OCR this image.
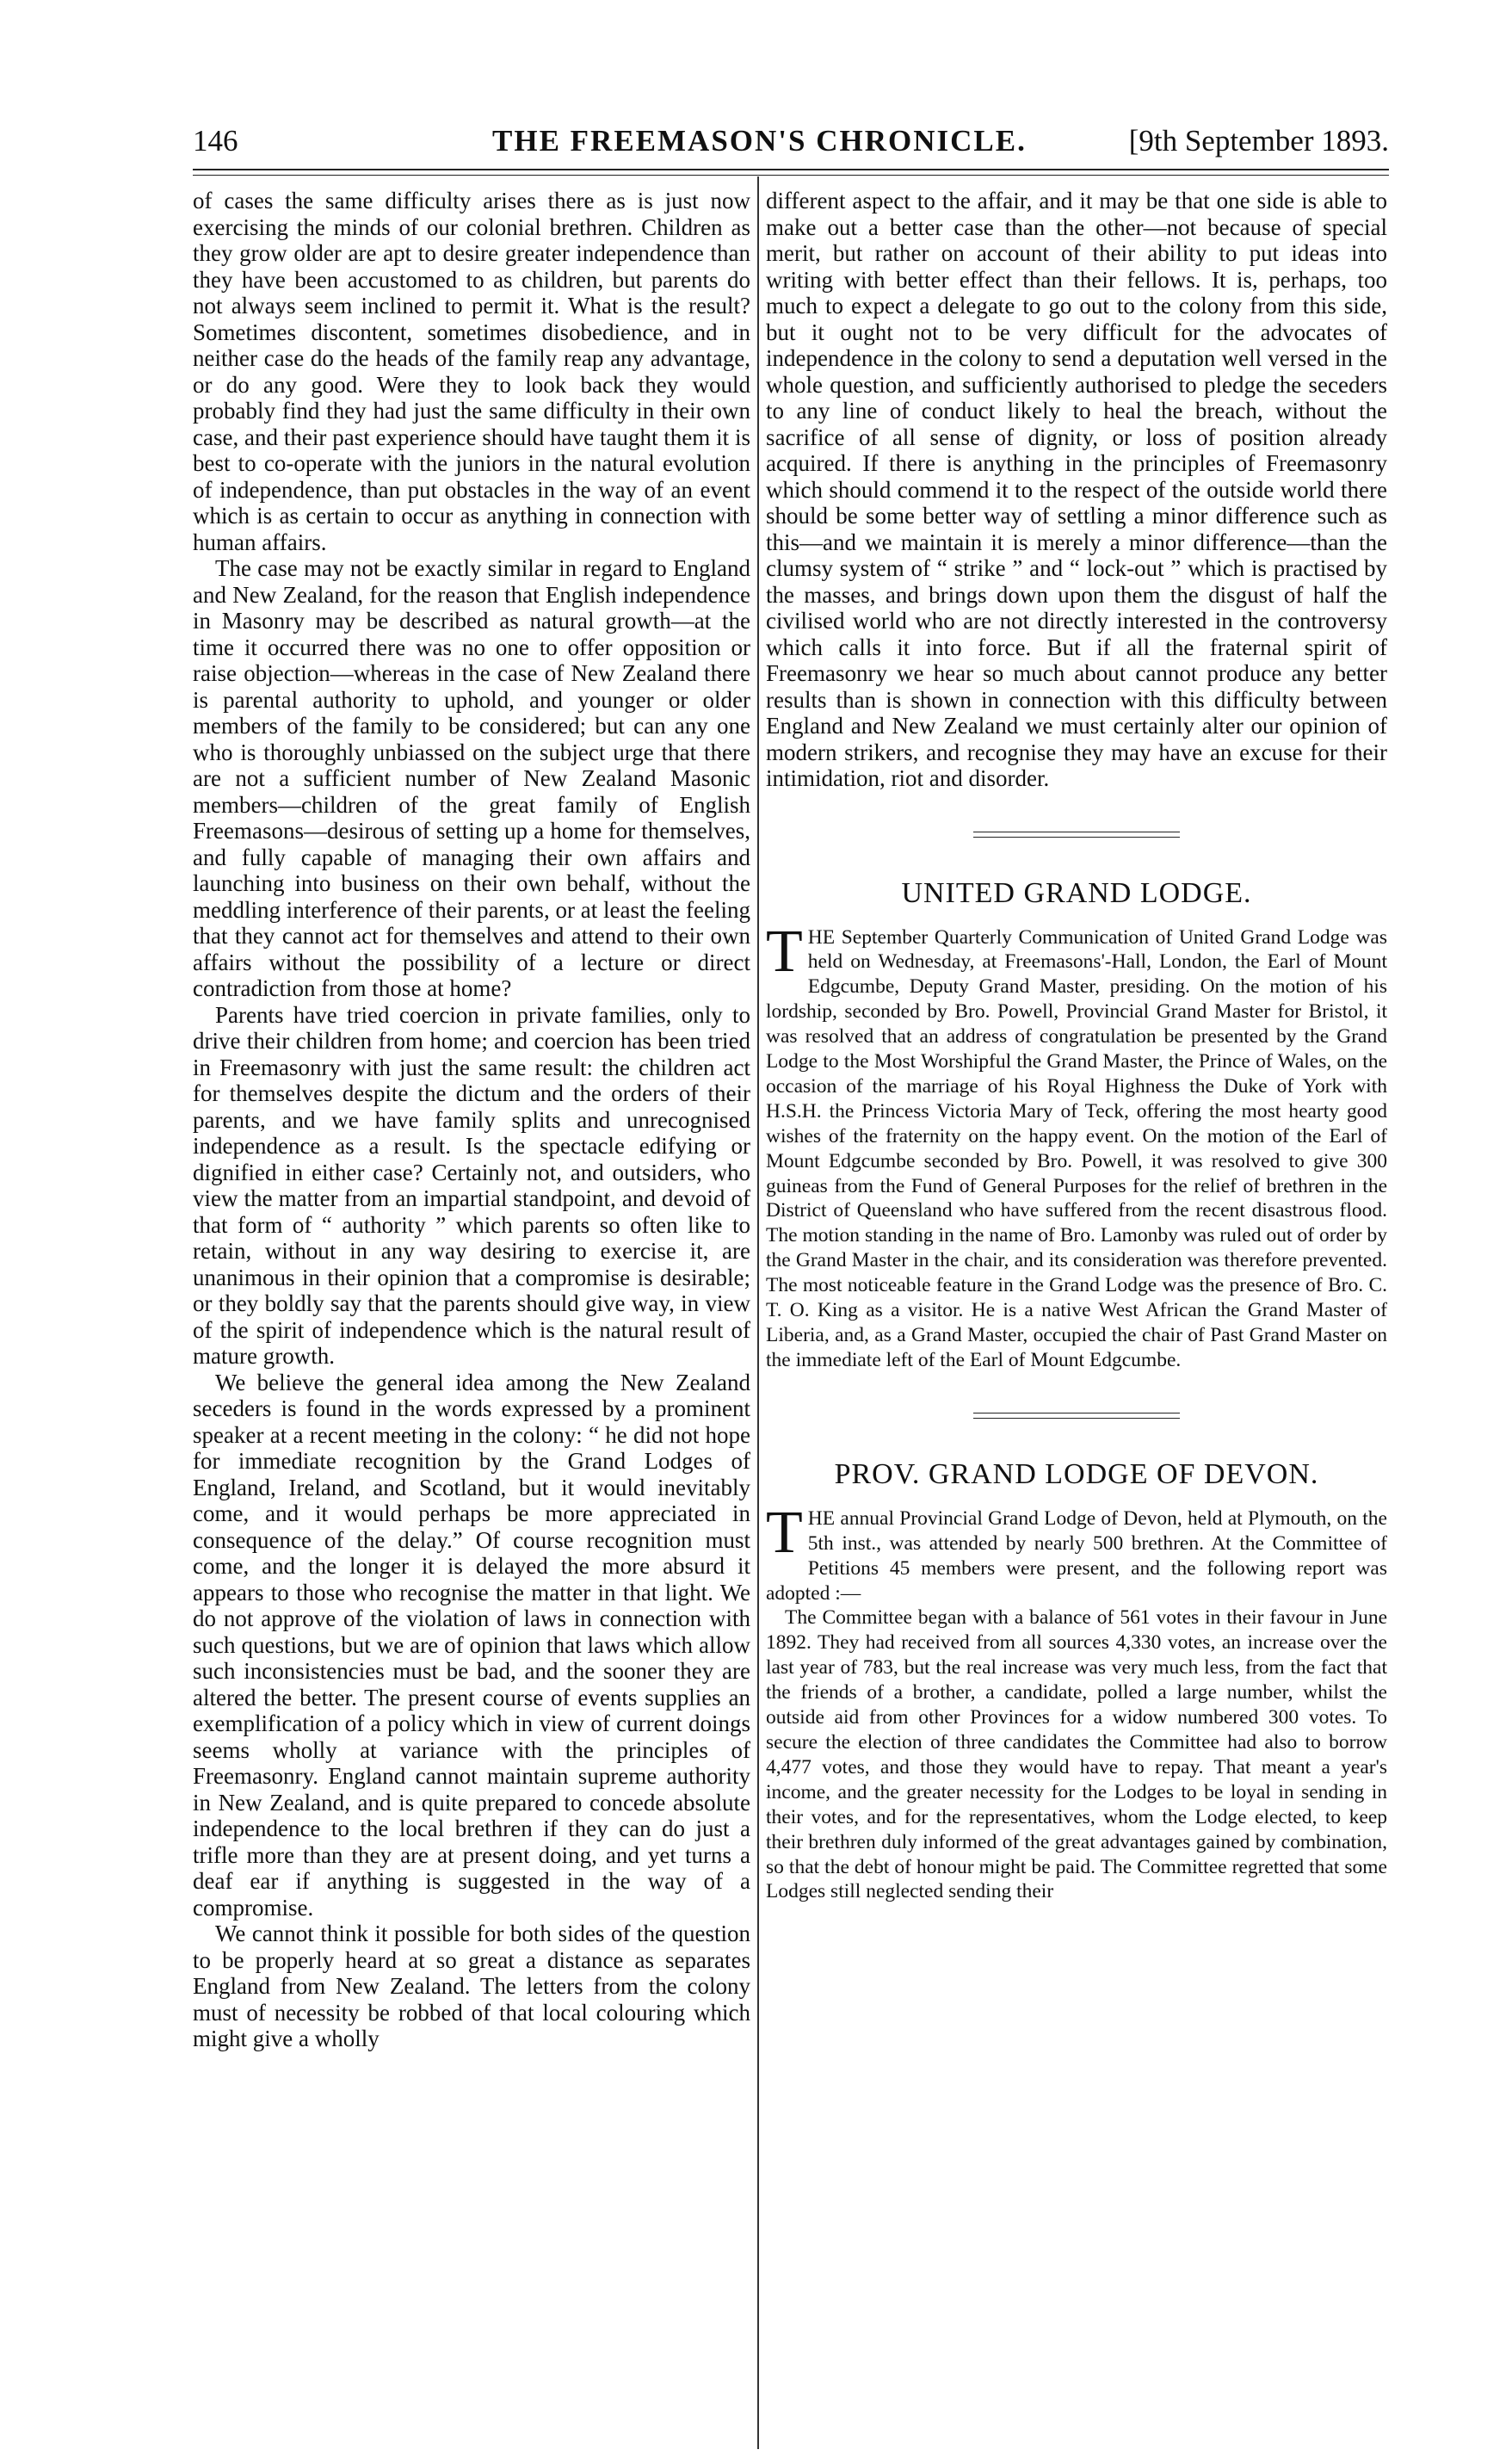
146	THE FREEMASON'S CHRONICLE.	[9th September 1893.

of cases the same difficulty arises there as is just now exercising the minds of our colonial brethren. Children as they grow older are apt to desire greater independence than they have been accustomed to as children, but parents do not always seem inclined to permit it. What is the result? Sometimes discontent, sometimes disobedience, and in neither case do the heads of the family reap any advantage, or do any good. Were they to look back they would probably find they had just the same difficulty in their own case, and their past experience should have taught them it is best to co-operate with the juniors in the natural evolution of independence, than put obstacles in the way of an event which is as certain to occur as anything in connection with human affairs.

The case may not be exactly similar in regard to England and New Zealand, for the reason that English independence in Masonry may be described as natural growth—at the time it occurred there was no one to offer opposition or raise objection—whereas in the case of New Zealand there is parental authority to uphold, and younger or older members of the family to be considered; but can any one who is thoroughly unbiassed on the subject urge that there are not a sufficient number of New Zealand Masonic members—children of the great family of English Freemasons—desirous of setting up a home for themselves, and fully capable of managing their own affairs and launching into business on their own behalf, without the meddling interference of their parents, or at least the feeling that they cannot act for themselves and attend to their own affairs without the possibility of a lecture or direct contradiction from those at home?

Parents have tried coercion in private families, only to drive their children from home; and coercion has been tried in Freemasonry with just the same result: the children act for themselves despite the dictum and the orders of their parents, and we have family splits and unrecognised independence as a result. Is the spectacle edifying or dignified in either case? Certainly not, and outsiders, who view the matter from an impartial standpoint, and devoid of that form of “ authority ” which parents so often like to retain, without in any way desiring to exercise it, are unanimous in their opinion that a compromise is desirable; or they boldly say that the parents should give way, in view of the spirit of independence which is the natural result of mature growth.

We believe the general idea among the New Zealand seceders is found in the words expressed by a prominent speaker at a recent meeting in the colony: “ he did not hope for immediate recognition by the Grand Lodges of England, Ireland, and Scotland, but it would inevitably come, and it would perhaps be more appreciated in consequence of the delay.” Of course recognition must come, and the longer it is delayed the more absurd it appears to those who recognise the matter in that light. We do not approve of the violation of laws in connection with such questions, but we are of opinion that laws which allow such inconsistencies must be bad, and the sooner they are altered the better. The present course of events supplies an exemplification of a policy which in view of current doings seems wholly at variance with the principles of Freemasonry. England cannot maintain supreme authority in New Zealand, and is quite prepared to concede absolute independence to the local brethren if they can do just a trifle more than they are at present doing, and yet turns a deaf ear if anything is suggested in the way of a compromise.

We cannot think it possible for both sides of the question to be properly heard at so great a distance as separates England from New Zealand. The letters from the colony must of necessity be robbed of that local colouring which might give a wholly

different aspect to the affair, and it may be that one side is able to make out a better case than the other—not because of special merit, but rather on account of their ability to put ideas into writing with better effect than their fellows. It is, perhaps, too much to expect a delegate to go out to the colony from this side, but it ought not to be very difficult for the advocates of independence in the colony to send a deputation well versed in the whole question, and sufficiently authorised to pledge the seceders to any line of conduct likely to heal the breach, without the sacrifice of all sense of dignity, or loss of position already acquired. If there is anything in the principles of Freemasonry which should commend it to the respect of the outside world there should be some better way of settling a minor difference such as this—and we maintain it is merely a minor difference—than the clumsy system of “ strike ” and “ lock-out ” which is practised by the masses, and brings down upon them the disgust of half the civilised world who are not directly interested in the controversy which calls it into force. But if all the fraternal spirit of Freemasonry we hear so much about cannot produce any better results than is shown in connection with this difficulty between England and New Zealand we must certainly alter our opinion of modern strikers, and recognise they may have an excuse for their intimidation, riot and disorder.

UNITED GRAND LODGE.

THE September Quarterly Communication of United Grand Lodge was held on Wednesday, at Freemasons'-Hall, London, the Earl of Mount Edgcumbe, Deputy Grand Master, presiding. On the motion of his lordship, seconded by Bro. Powell, Provincial Grand Master for Bristol, it was resolved that an address of congratulation be presented by the Grand Lodge to the Most Worshipful the Grand Master, the Prince of Wales, on the occasion of the marriage of his Royal Highness the Duke of York with H.S.H. the Princess Victoria Mary of Teck, offering the most hearty good wishes of the fraternity on the happy event. On the motion of the Earl of Mount Edgcumbe seconded by Bro. Powell, it was resolved to give 300 guineas from the Fund of General Purposes for the relief of brethren in the District of Queensland who have suffered from the recent disastrous flood. The motion standing in the name of Bro. Lamonby was ruled out of order by the Grand Master in the chair, and its consideration was therefore prevented. The most noticeable feature in the Grand Lodge was the presence of Bro. C. T. O. King as a visitor. He is a native West African the Grand Master of Liberia, and, as a Grand Master, occupied the chair of Past Grand Master on the immediate left of the Earl of Mount Edgcumbe.

PROV. GRAND LODGE OF DEVON.

THE annual Provincial Grand Lodge of Devon, held at Plymouth, on the 5th inst., was attended by nearly 500 brethren. At the Committee of Petitions 45 members were present, and the following report was adopted :—

The Committee began with a balance of 561 votes in their favour in June 1892. They had received from all sources 4,330 votes, an increase over the last year of 783, but the real increase was very much less, from the fact that the friends of a brother, a candidate, polled a large number, whilst the outside aid from other Provinces for a widow numbered 300 votes. To secure the election of three candidates the Committee had also to borrow 4,477 votes, and those they would have to repay. That meant a year's income, and the greater necessity for the Lodges to be loyal in sending in their votes, and for the representatives, whom the Lodge elected, to keep their brethren duly informed of the great advantages gained by combination, so that the debt of honour might be paid. The Committee regretted that some Lodges still neglected sending their
